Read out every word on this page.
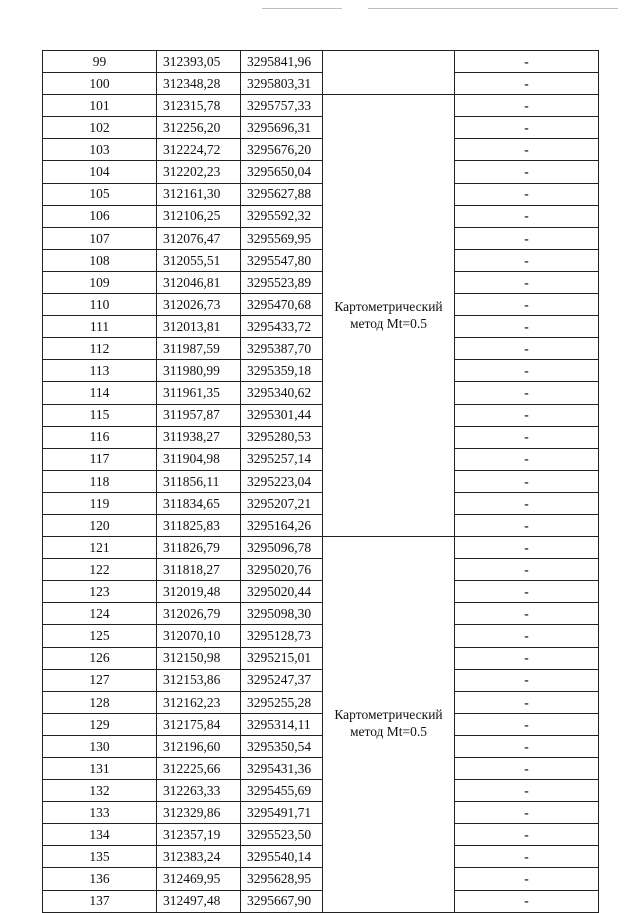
99	312393,05	3295841,96		-
100	312348,28	3295803,31		-
101	312315,78	3295757,33	Картометрический метод Mt=0.5	-
102	312256,20	3295696,31		-
103	312224,72	3295676,20		-
104	312202,23	3295650,04		-
105	312161,30	3295627,88		-
106	312106,25	3295592,32		-
107	312076,47	3295569,95		-
108	312055,51	3295547,80		-
109	312046,81	3295523,89		-
110	312026,73	3295470,68		-
111	312013,81	3295433,72		-
112	311987,59	3295387,70		-
113	311980,99	3295359,18		-
114	311961,35	3295340,62		-
115	311957,87	3295301,44		-
116	311938,27	3295280,53		-
117	311904,98	3295257,14		-
118	311856,11	3295223,04		-
119	311834,65	3295207,21		-
120	311825,83	3295164,26		-
121	311826,79	3295096,78	Картометрический метод Mt=0.5	-
122	311818,27	3295020,76		-
123	312019,48	3295020,44		-
124	312026,79	3295098,30		-
125	312070,10	3295128,73		-
126	312150,98	3295215,01		-
127	312153,86	3295247,37		-
128	312162,23	3295255,28		-
129	312175,84	3295314,11		-
130	312196,60	3295350,54		-
131	312225,66	3295431,36		-
132	312263,33	3295455,69		-
133	312329,86	3295491,71		-
134	312357,19	3295523,50		-
135	312383,24	3295540,14		-
136	312469,95	3295628,95		-
137	312497,48	3295667,90		-
